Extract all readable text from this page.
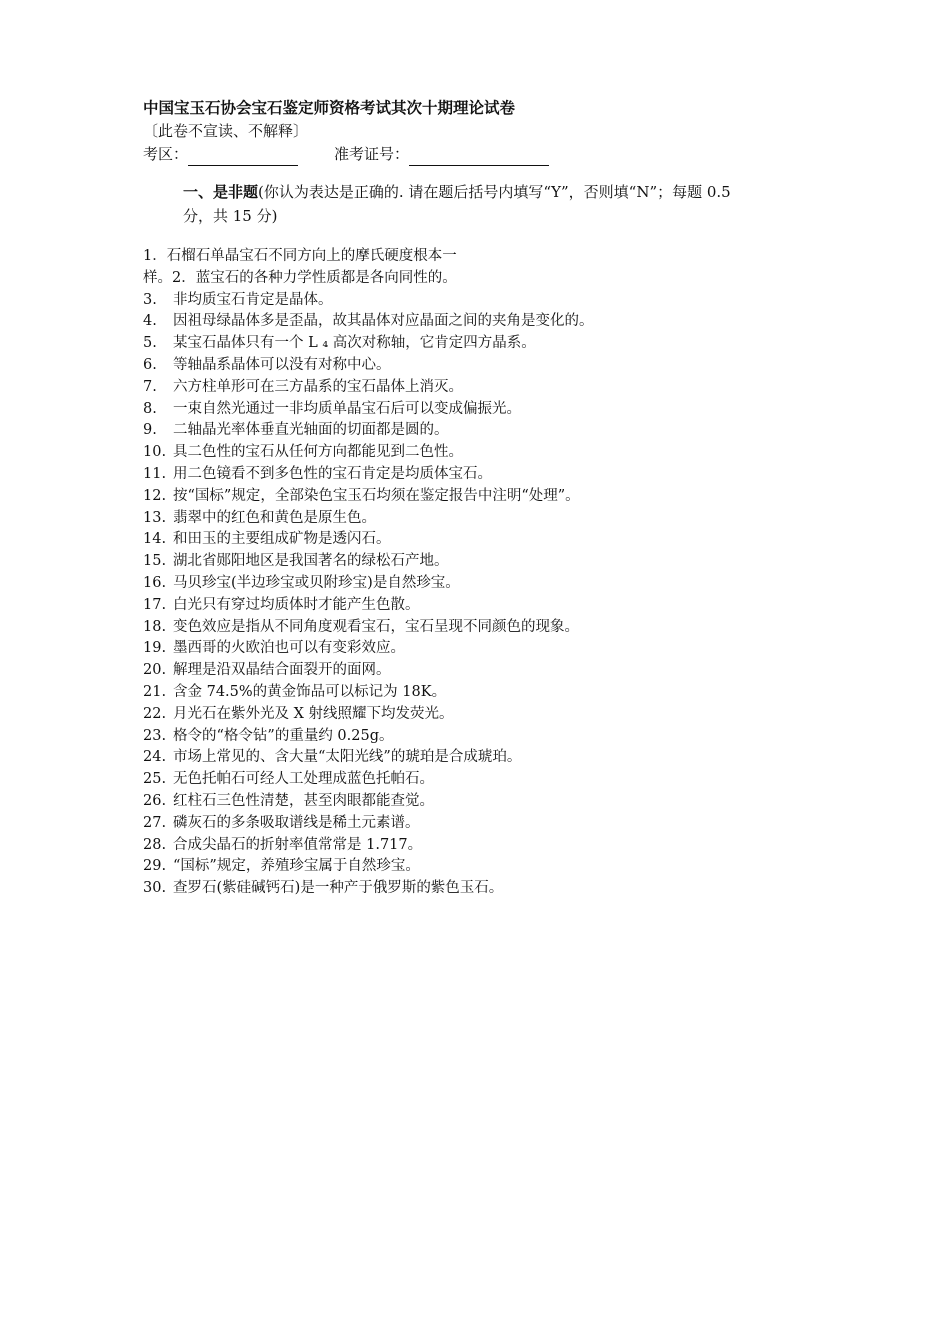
中国宝玉石协会宝石鉴定师资格考试其次十期理论试卷
〔此卷不宣读、不解释〕
考区：	准考证号：
一、是非题(你认为表达是正确的. 请在题后括号内填写“Y”，否则填“N”；每题 0.5 分，共 15 分)
1．石榴石单晶宝石不同方向上的摩氏硬度根本一
样。2．蓝宝石的各种力学性质都是各向同性的。
3.	非均质宝石肯定是晶体。
4.	因祖母绿晶体多是歪晶，故其晶体对应晶面之间的夹角是变化的。
5.	某宝石晶体只有一个 L ₄ 高次对称轴，它肯定四方晶系。
6.	等轴晶系晶体可以没有对称中心。
7.	六方柱单形可在三方晶系的宝石晶体上消灭。
8.	一束自然光通过一非均质单晶宝石后可以变成偏振光。
9.	二轴晶光率体垂直光轴面的切面都是圆的。
10. 具二色性的宝石从任何方向都能见到二色性。
11. 用二色镜看不到多色性的宝石肯定是均质体宝石。
12. 按“国标”规定，全部染色宝玉石均须在鉴定报告中注明“处理”。
13. 翡翠中的红色和黄色是原生色。
14. 和田玉的主要组成矿物是透闪石。
15. 湖北省郧阳地区是我国著名的绿松石产地。
16. 马贝珍宝(半边珍宝或贝附珍宝)是自然珍宝。
17. 白光只有穿过均质体时才能产生色散。
18. 变色效应是指从不同角度观看宝石，宝石呈现不同颜色的现象。
19. 墨西哥的火欧泊也可以有变彩效应。
20. 解理是沿双晶结合面裂开的面网。
21. 含金 74.5%的黄金饰品可以标记为 18K。
22. 月光石在紫外光及 X 射线照耀下均发荧光。
23. 格令的“格令钻”的重量约 0.25g。
24. 市场上常见的、含大量“太阳光线”的琥珀是合成琥珀。
25. 无色托帕石可经人工处理成蓝色托帕石。
26. 红柱石三色性清楚，甚至肉眼都能查觉。
27. 磷灰石的多条吸取谱线是稀土元素谱。
28. 合成尖晶石的折射率值常常是 1.717。
29. “国标”规定，养殖珍宝属于自然珍宝。
30. 查罗石(紫硅碱钙石)是一种产于俄罗斯的紫色玉石。
